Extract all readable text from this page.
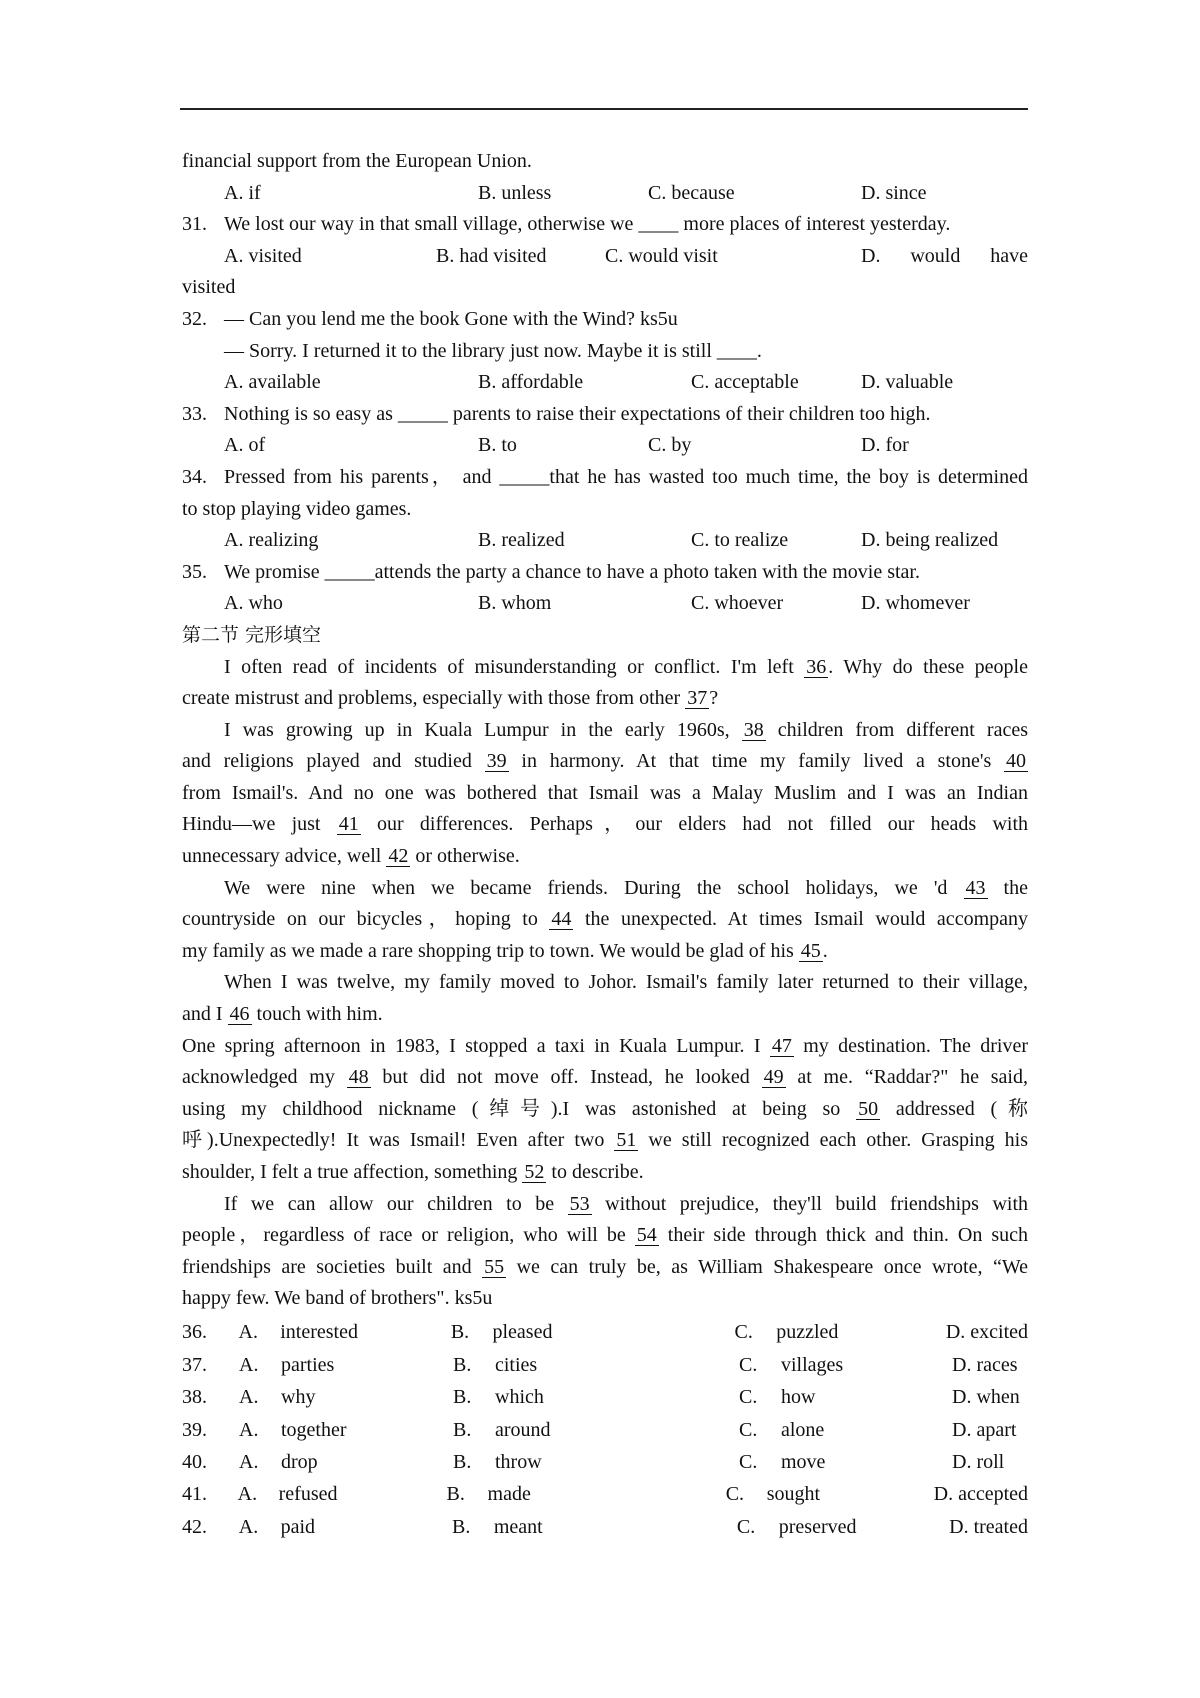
financial support from the European Union.
A. if	B. unless	C. because	D. since
31. We lost our way in that small village, otherwise we ____ more places of interest yesterday.
A. visited	B. had visited	C. would visit	D.    would    have
visited
32. — Can you lend me the book Gone with the Wind? ks5u
— Sorry. I returned it to the library just now. Maybe it is still ____.
A. available	B. affordable	C. acceptable	D. valuable
33. Nothing is so easy as _____ parents to raise their expectations of their children too high.
A. of	B. to	C. by	D. for
34. Pressed from his parents， and _____that he has wasted too much time, the boy is determined
to stop playing video games.
A. realizing	B. realized	C. to realize	D. being realized
35. We promise _____attends the party a chance to have a photo taken with the movie star.
A. who	B. whom	C. whoever	D. whomever
第二节 完形填空
I often read of incidents of misunderstanding or conflict. I'm left 36 . Why do these people
create mistrust and problems, especially with those from other 37 ?
I was growing up in Kuala Lumpur in the early 1960s, 38 children from different races
and religions played and studied 39 in harmony. At that time my family lived a stone's 40
from Ismail's. And no one was bothered that Ismail was a Malay Muslim and I was an Indian
Hindu—we just 41 our differences. Perhaps，our elders had not filled our heads with
unnecessary advice, well 42 or otherwise.
We were nine when we became friends. During the school holidays, we 'd 43 the
countryside on our bicycles，hoping to 44 the unexpected. At times Ismail would accompany
my family as we made a rare shopping trip to town. We would be glad of his 45 .
When I was twelve, my family moved to Johor. Ismail's family later returned to their village,
and I 46 touch with him.
One spring afternoon in 1983, I stopped a taxi in Kuala Lumpur. I 47 my destination. The driver
acknowledged my 48 but did not move off. Instead, he looked 49 at me. “Raddar?" he said,
using my childhood nickname (绰号).I was astonished at being so 50 addressed (称
呼).Unexpectedly! It was Ismail! Even after two 51 we still recognized each other. Grasping his
shoulder, I felt a true affection, something 52 to describe.
If we can allow our children to be 53 without prejudice, they'll build friendships with
people，regardless of race or religion, who will be 54 their side through thick and thin. On such
friendships are societies built and 55 we can truly be, as William Shakespeare once wrote, “We
happy few. We band of brothers". ks5u
36.	A.	interested	B.	pleased	C.	puzzled	D. excited
37.	A.	parties	B.	cities	C.	villages	D. races
38.	A.	why	B.	which	C.	how	D. when
39.	A.	together	B.	around	C.	alone	D. apart
40.	A.	drop	B.	throw	C.	move	D. roll
41.	A.	refused	B.	made	C.	sought	D. accepted
42.	A.	paid	B.	meant	C.	preserved	D. treated
